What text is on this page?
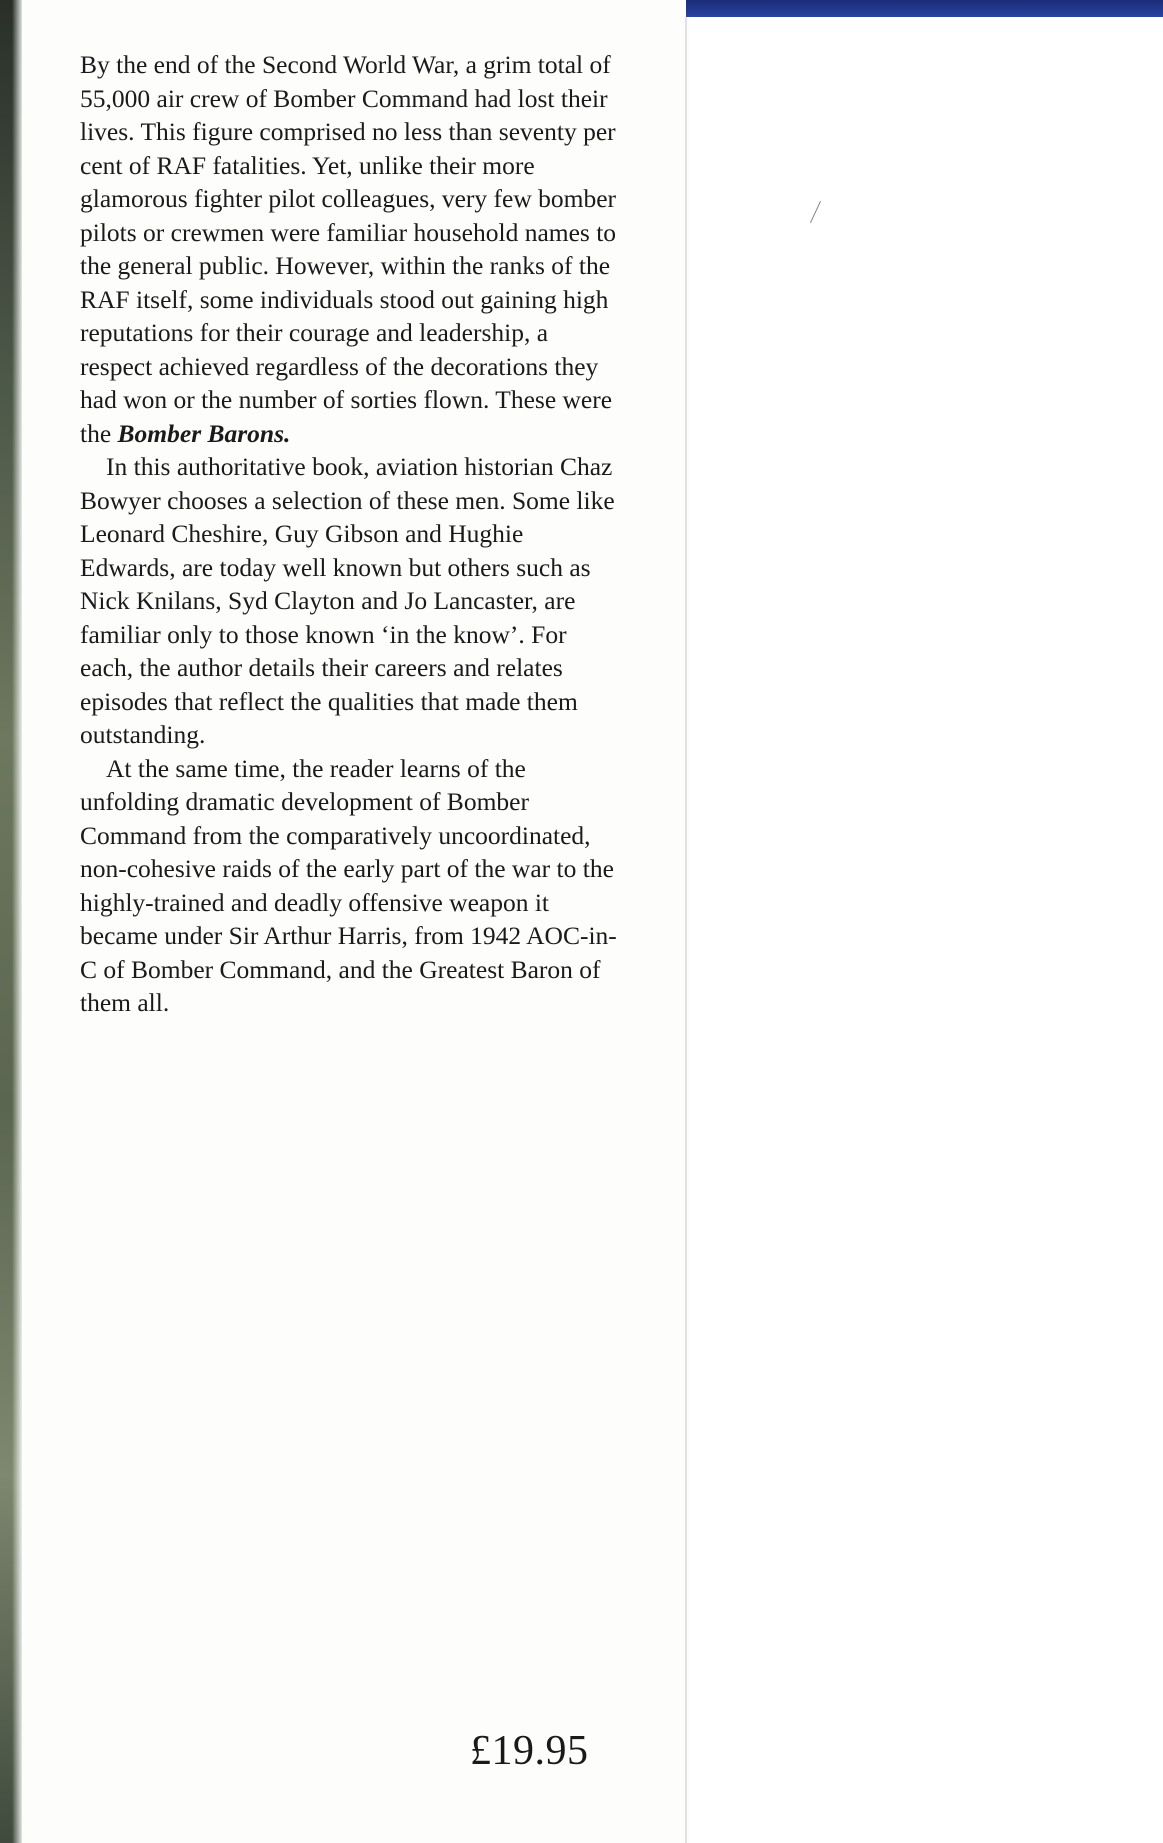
By the end of the Second World War, a grim total of 55,000 air crew of Bomber Command had lost their lives. This figure comprised no less than seventy per cent of RAF fatalities. Yet, unlike their more glamorous fighter pilot colleagues, very few bomber pilots or crewmen were familiar household names to the general public. However, within the ranks of the RAF itself, some individuals stood out gaining high reputations for their courage and leadership, a respect achieved regardless of the decorations they had won or the number of sorties flown. These were the Bomber Barons.

In this authoritative book, aviation historian Chaz Bowyer chooses a selection of these men. Some like Leonard Cheshire, Guy Gibson and Hughie Edwards, are today well known but others such as Nick Knilans, Syd Clayton and Jo Lancaster, are familiar only to those known ‘in the know’. For each, the author details their careers and relates episodes that reflect the qualities that made them outstanding.

At the same time, the reader learns of the unfolding dramatic development of Bomber Command from the comparatively uncoordinated, non-cohesive raids of the early part of the war to the highly-trained and deadly offensive weapon it became under Sir Arthur Harris, from 1942 AOC-in-C of Bomber Command, and the Greatest Baron of them all.

£19.95
